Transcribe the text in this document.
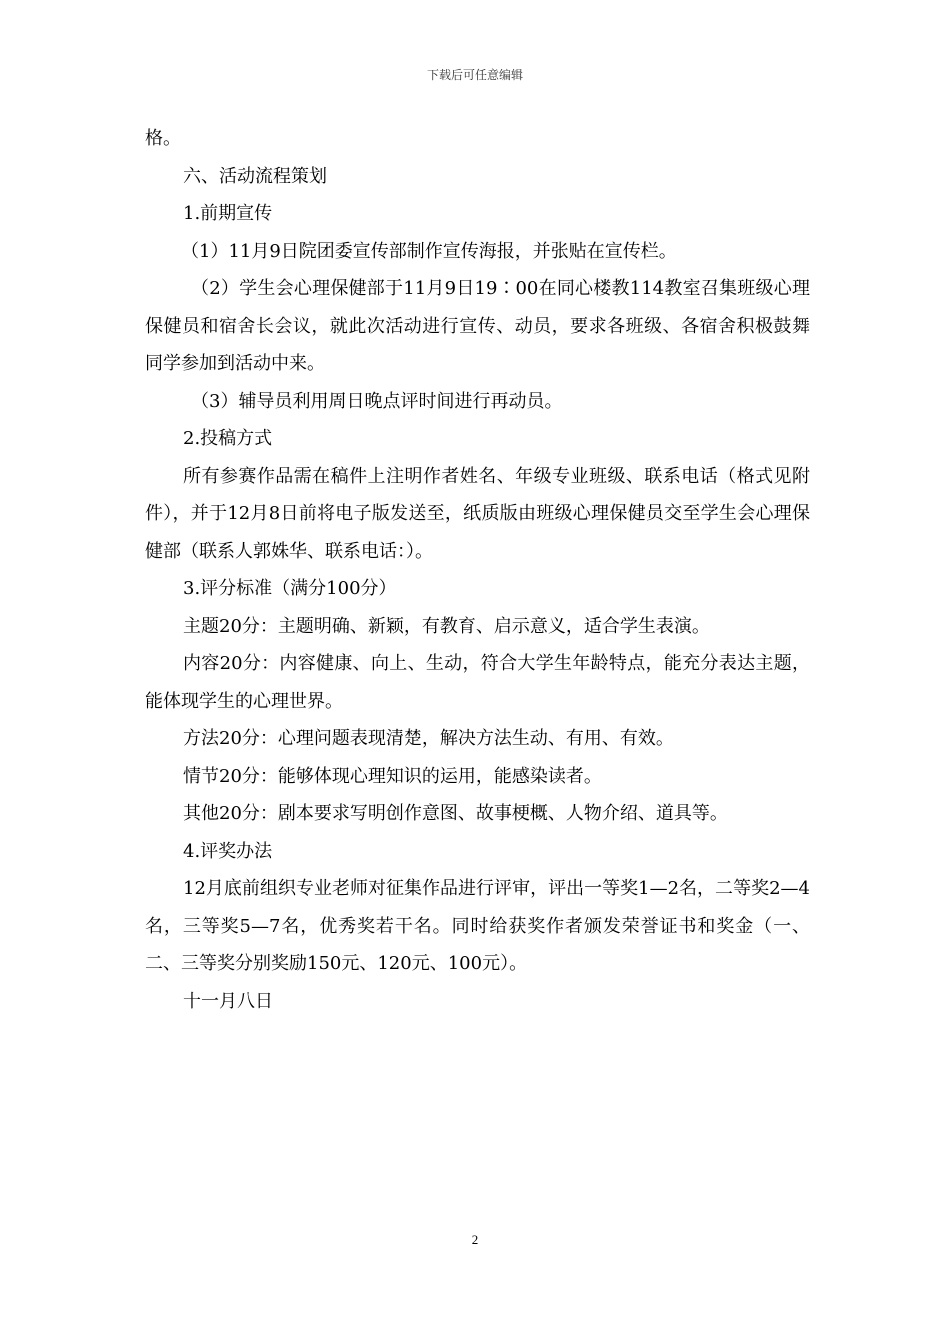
下载后可任意编辑

格。

六、活动流程策划

1.前期宣传

（1）11月9日院团委宣传部制作宣传海报，并张贴在宣传栏。

（2）学生会心理保健部于11月9日19∶00在同心楼教114教室召集班级心理保健员和宿舍长会议，就此次活动进行宣传、动员，要求各班级、各宿舍积极鼓舞同学参加到活动中来。

（3）辅导员利用周日晚点评时间进行再动员。

2.投稿方式

所有参赛作品需在稿件上注明作者姓名、年级专业班级、联系电话（格式见附件），并于12月8日前将电子版发送至，纸质版由班级心理保健员交至学生会心理保健部（联系人郭姝华、联系电话：）。

3.评分标准（满分100分）

主题20分：主题明确、新颖，有教育、启示意义，适合学生表演。

内容20分：内容健康、向上、生动，符合大学生年龄特点，能充分表达主题，能体现学生的心理世界。

方法20分：心理问题表现清楚，解决方法生动、有用、有效。

情节20分：能够体现心理知识的运用，能感染读者。

其他20分：剧本要求写明创作意图、故事梗概、人物介绍、道具等。

4.评奖办法

12月底前组织专业老师对征集作品进行评审，评出一等奖1—2名，二等奖2—4名，三等奖5—7名，优秀奖若干名。同时给获奖作者颁发荣誉证书和奖金（一、二、三等奖分别奖励150元、120元、100元）。

十一月八日

2
